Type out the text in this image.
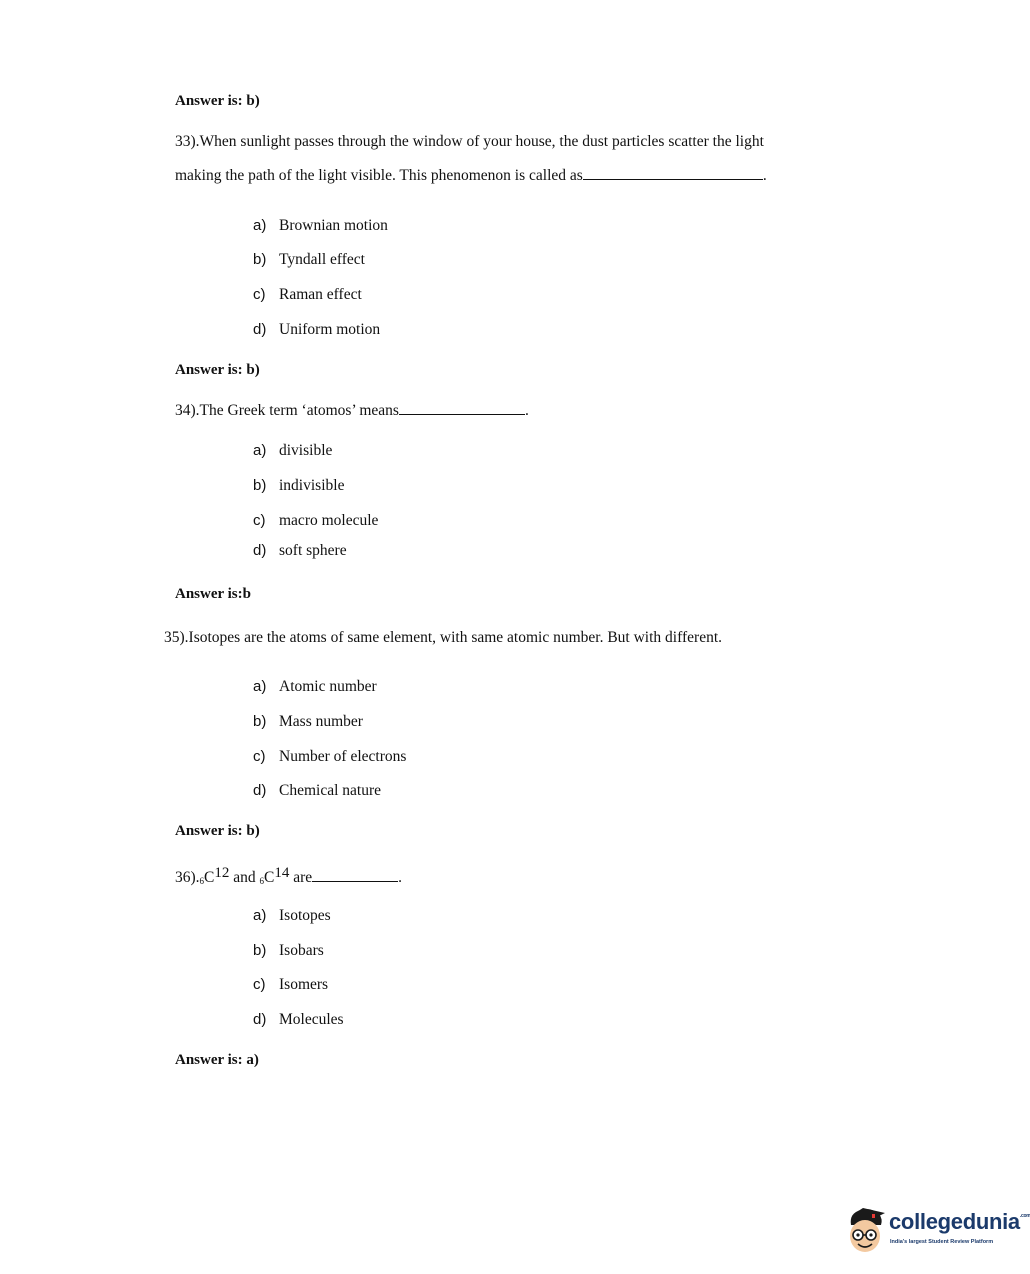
Answer is: b)
33).When sunlight passes through the window of your house, the dust particles scatter the light
making the path of the light visible. This phenomenon is called as	.
a) Brownian motion
b) Tyndall effect
c) Raman effect
d) Uniform motion
Answer is: b)
34).The Greek term ‘atomos’ means	.
a) divisible
b) indivisible
c) macro molecule
d) soft sphere
Answer is:b
35).Isotopes are the atoms of same element, with same atomic number. But with different.
a) Atomic number
b) Mass number
c) Number of electrons
d) Chemical nature
Answer is: b)
$36)._6C^{12}$ and $_6C^{14}$ are	.
a) Isotopes
b) Isobars
c) Isomers
d) Molecules
Answer is: a)
collegedunia$^{.com}$
India's largest Student Review Platform
